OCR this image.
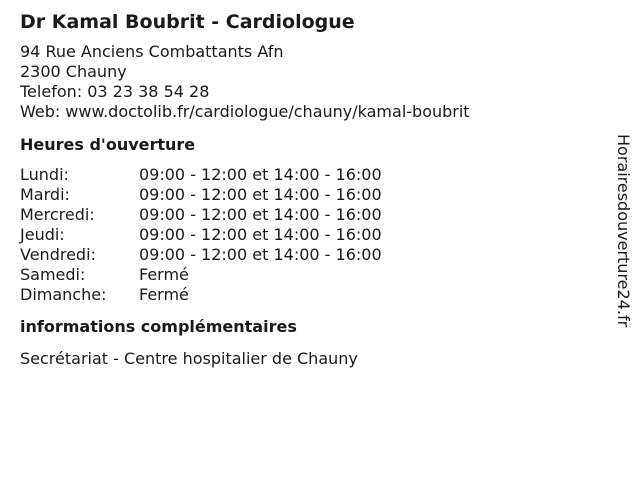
Dr Kamal Boubrit - Cardiologue
94 Rue Anciens Combattants Afn
2300 Chauny
Telefon: 03 23 38 54 28
Web: www.doctolib.fr/cardiologue/chauny/kamal-boubrit
Heures d'ouverture
Lundi:	09:00 - 12:00 et 14:00 - 16:00
Mardi:	09:00 - 12:00 et 14:00 - 16:00
Mercredi:	09:00 - 12:00 et 14:00 - 16:00
Jeudi:	09:00 - 12:00 et 14:00 - 16:00
Vendredi:	09:00 - 12:00 et 14:00 - 16:00
Samedi:	Fermé
Dimanche:	Fermé
informations complémentaires
Secrétariat - Centre hospitalier de Chauny
Horairesdouverture24.fr
